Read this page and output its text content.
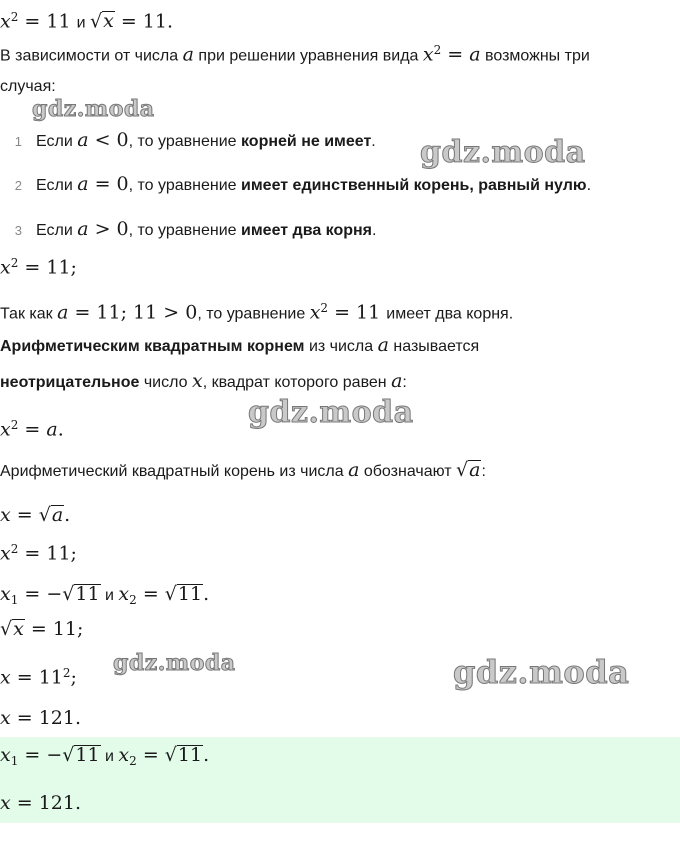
gdz.moda
gdz.moda
gdz.moda
gdz.moda	gdz.moda
$x^2 = 11$ и √x = 11.
В зависимости от числа a при решении уравнения вида $x^2 = a$ возможны три
случая:
1 Если a < 0, то уравнение корней не имеет.
2 Если a = 0, то уравнение имеет единственный корень, равный нулю.
3 Если a > 0, то уравнение имеет два корня.
$x^2 = 11$;
Так как a = 11; 11 > 0, то уравнение $x^2 = 11$ имеет два корня.
Арифметическим квадратным корнем из числа a называется
неотрицательное число x, квадрат которого равен a:
$x^2 = a$.
Арифметический квадратный корень из числа a обозначают √a:
x = √a.
$x^2 = 11$;
$x_1 = -√11$ и $x_2 = √11$.
√x = 11;
$x = 11^2$;
x = 121.
$x_1 = -√11$ и $x_2 = √11$.
x = 121.
